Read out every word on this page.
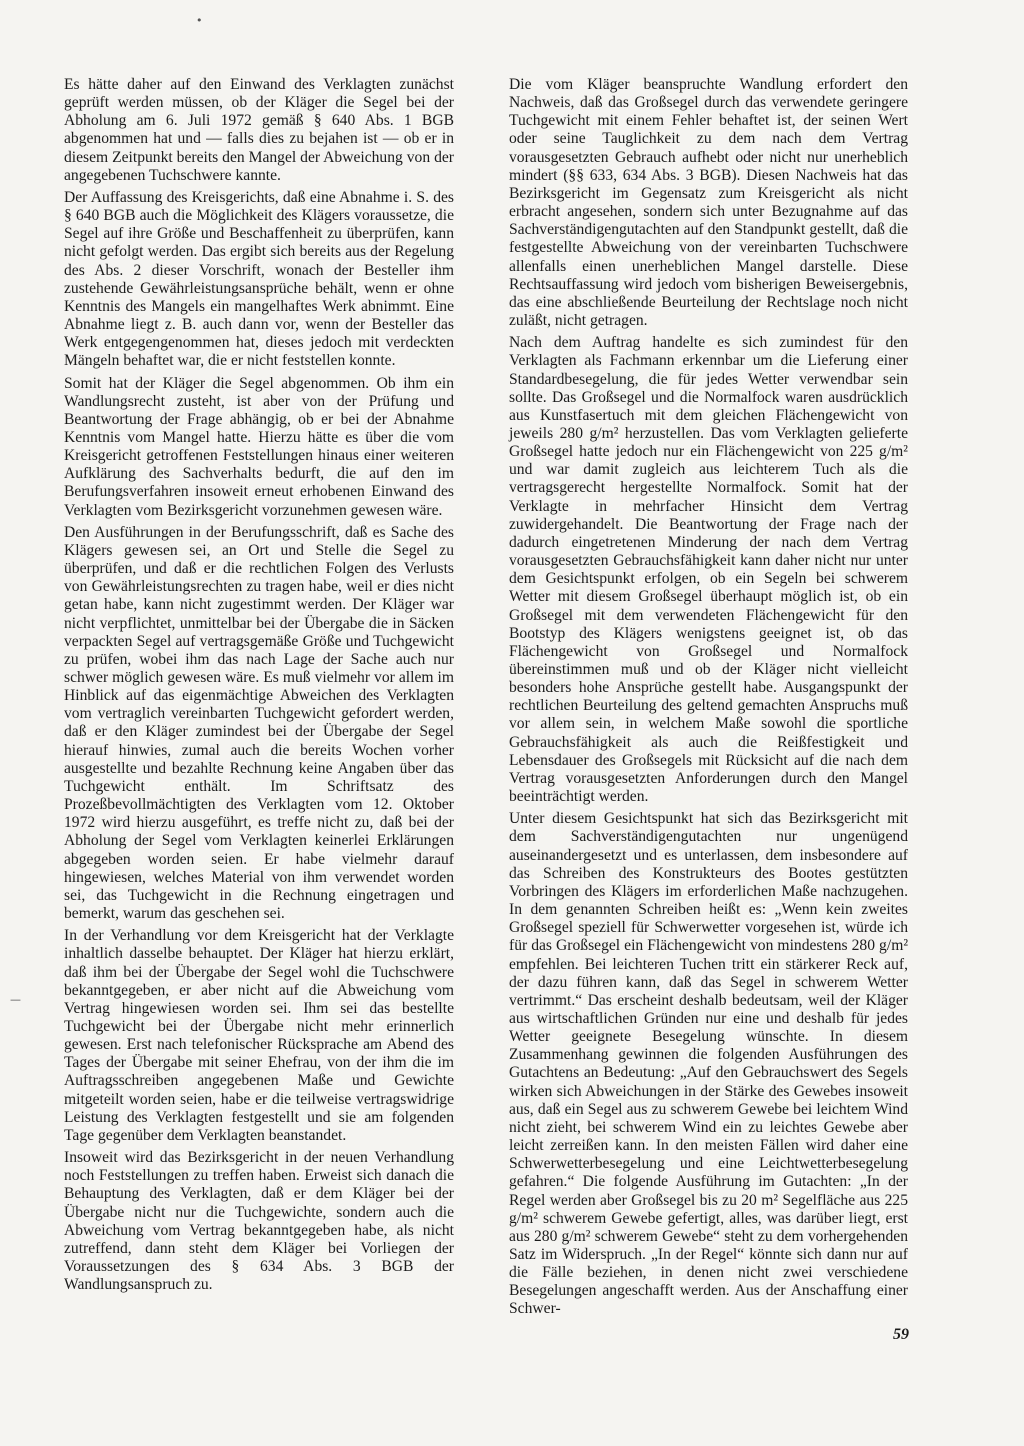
•
—

Es hätte daher auf den Einwand des Verklagten zunächst geprüft werden müssen, ob der Kläger die Segel bei der Abholung am 6. Juli 1972 gemäß § 640 Abs. 1 BGB abgenommen hat und — falls dies zu bejahen ist — ob er in diesem Zeitpunkt bereits den Mangel der Abweichung von der angegebenen Tuchschwere kannte.

Der Auffassung des Kreisgerichts, daß eine Abnahme i. S. des § 640 BGB auch die Möglichkeit des Klägers voraussetze, die Segel auf ihre Größe und Beschaffenheit zu überprüfen, kann nicht gefolgt werden. Das ergibt sich bereits aus der Regelung des Abs. 2 dieser Vorschrift, wonach der Besteller ihm zustehende Gewährleistungsansprüche behält, wenn er ohne Kenntnis des Mangels ein mangelhaftes Werk abnimmt. Eine Abnahme liegt z. B. auch dann vor, wenn der Besteller das Werk entgegengenommen hat, dieses jedoch mit verdeckten Mängeln behaftet war, die er nicht feststellen konnte.

Somit hat der Kläger die Segel abgenommen. Ob ihm ein Wandlungsrecht zusteht, ist aber von der Prüfung und Beantwortung der Frage abhängig, ob er bei der Abnahme Kenntnis vom Mangel hatte. Hierzu hätte es über die vom Kreisgericht getroffenen Feststellungen hinaus einer weiteren Aufklärung des Sachverhalts bedurft, die auf den im Berufungsverfahren insoweit erneut erhobenen Einwand des Verklagten vom Bezirksgericht vorzunehmen gewesen wäre.

Den Ausführungen in der Berufungsschrift, daß es Sache des Klägers gewesen sei, an Ort und Stelle die Segel zu überprüfen, und daß er die rechtlichen Folgen des Verlusts von Gewährleistungsrechten zu tragen habe, weil er dies nicht getan habe, kann nicht zugestimmt werden. Der Kläger war nicht verpflichtet, unmittelbar bei der Übergabe die in Säcken verpackten Segel auf vertragsgemäße Größe und Tuchgewicht zu prüfen, wobei ihm das nach Lage der Sache auch nur schwer möglich gewesen wäre. Es muß vielmehr vor allem im Hinblick auf das eigenmächtige Abweichen des Verklagten vom vertraglich vereinbarten Tuchgewicht gefordert werden, daß er den Kläger zumindest bei der Übergabe der Segel hierauf hinwies, zumal auch die bereits Wochen vorher ausgestellte und bezahlte Rechnung keine Angaben über das Tuchgewicht enthält. Im Schriftsatz des Prozeßbevollmächtigten des Verklagten vom 12. Oktober 1972 wird hierzu ausgeführt, es treffe nicht zu, daß bei der Abholung der Segel vom Verklagten keinerlei Erklärungen abgegeben worden seien. Er habe vielmehr darauf hingewiesen, welches Material von ihm verwendet worden sei, das Tuchgewicht in die Rechnung eingetragen und bemerkt, warum das geschehen sei.

In der Verhandlung vor dem Kreisgericht hat der Verklagte inhaltlich dasselbe behauptet. Der Kläger hat hierzu erklärt, daß ihm bei der Übergabe der Segel wohl die Tuchschwere bekanntgegeben, er aber nicht auf die Abweichung vom Vertrag hingewiesen worden sei. Ihm sei das bestellte Tuchgewicht bei der Übergabe nicht mehr erinnerlich gewesen. Erst nach telefonischer Rücksprache am Abend des Tages der Übergabe mit seiner Ehefrau, von der ihm die im Auftragsschreiben angegebenen Maße und Gewichte mitgeteilt worden seien, habe er die teilweise vertragswidrige Leistung des Verklagten festgestellt und sie am folgenden Tage gegenüber dem Verklagten beanstandet.

Insoweit wird das Bezirksgericht in der neuen Verhandlung noch Feststellungen zu treffen haben. Erweist sich danach die Behauptung des Verklagten, daß er dem Kläger bei der Übergabe nicht nur die Tuchgewichte, sondern auch die Abweichung vom Vertrag bekanntgegeben habe, als nicht zutreffend, dann steht dem Kläger bei Vorliegen der Voraussetzungen des § 634 Abs. 3 BGB der Wandlungsanspruch zu.

Die vom Kläger beanspruchte Wandlung erfordert den Nachweis, daß das Großsegel durch das verwendete geringere Tuchgewicht mit einem Fehler behaftet ist, der seinen Wert oder seine Tauglichkeit zu dem nach dem Vertrag vorausgesetzten Gebrauch aufhebt oder nicht nur unerheblich mindert (§§ 633, 634 Abs. 3 BGB). Diesen Nachweis hat das Bezirksgericht im Gegensatz zum Kreisgericht als nicht erbracht angesehen, sondern sich unter Bezugnahme auf das Sachverständigengutachten auf den Standpunkt gestellt, daß die festgestellte Abweichung von der vereinbarten Tuchschwere allenfalls einen unerheblichen Mangel darstelle. Diese Rechtsauffassung wird jedoch vom bisherigen Beweisergebnis, das eine abschließende Beurteilung der Rechtslage noch nicht zuläßt, nicht getragen.

Nach dem Auftrag handelte es sich zumindest für den Verklagten als Fachmann erkennbar um die Lieferung einer Standardbesegelung, die für jedes Wetter verwendbar sein sollte. Das Großsegel und die Normalfock waren ausdrücklich aus Kunstfasertuch mit dem gleichen Flächengewicht von jeweils 280 g/m² herzustellen. Das vom Verklagten gelieferte Großsegel hatte jedoch nur ein Flächengewicht von 225 g/m² und war damit zugleich aus leichterem Tuch als die vertragsgerecht hergestellte Normalfock. Somit hat der Verklagte in mehrfacher Hinsicht dem Vertrag zuwidergehandelt. Die Beantwortung der Frage nach der dadurch eingetretenen Minderung der nach dem Vertrag vorausgesetzten Gebrauchsfähigkeit kann daher nicht nur unter dem Gesichtspunkt erfolgen, ob ein Segeln bei schwerem Wetter mit diesem Großsegel überhaupt möglich ist, ob ein Großsegel mit dem verwendeten Flächengewicht für den Bootstyp des Klägers wenigstens geeignet ist, ob das Flächengewicht von Großsegel und Normalfock übereinstimmen muß und ob der Kläger nicht vielleicht besonders hohe Ansprüche gestellt habe. Ausgangspunkt der rechtlichen Beurteilung des geltend gemachten Anspruchs muß vor allem sein, in welchem Maße sowohl die sportliche Gebrauchsfähigkeit als auch die Reißfestigkeit und Lebensdauer des Großsegels mit Rücksicht auf die nach dem Vertrag vorausgesetzten Anforderungen durch den Mangel beeinträchtigt werden.

Unter diesem Gesichtspunkt hat sich das Bezirksgericht mit dem Sachverständigengutachten nur ungenügend auseinandergesetzt und es unterlassen, dem insbesondere auf das Schreiben des Konstrukteurs des Bootes gestützten Vorbringen des Klägers im erforderlichen Maße nachzugehen. In dem genannten Schreiben heißt es: „Wenn kein zweites Großsegel speziell für Schwerwetter vorgesehen ist, würde ich für das Großsegel ein Flächengewicht von mindestens 280 g/m² empfehlen. Bei leichteren Tuchen tritt ein stärkerer Reck auf, der dazu führen kann, daß das Segel in schwerem Wetter vertrimmt.“ Das erscheint deshalb bedeutsam, weil der Kläger aus wirtschaftlichen Gründen nur eine und deshalb für jedes Wetter geeignete Besegelung wünschte. In diesem Zusammenhang gewinnen die folgenden Ausführungen des Gutachtens an Bedeutung: „Auf den Gebrauchswert des Segels wirken sich Abweichungen in der Stärke des Gewebes insoweit aus, daß ein Segel aus zu schwerem Gewebe bei leichtem Wind nicht zieht, bei schwerem Wind ein zu leichtes Gewebe aber leicht zerreißen kann. In den meisten Fällen wird daher eine Schwerwetterbesegelung und eine Leichtwetterbesegelung gefahren.“ Die folgende Ausführung im Gutachten: „In der Regel werden aber Großsegel bis zu 20 m² Segelfläche aus 225 g/m² schwerem Gewebe gefertigt, alles, was darüber liegt, erst aus 280 g/m² schwerem Gewebe“ steht zu dem vorhergehenden Satz im Widerspruch. „In der Regel“ könnte sich dann nur auf die Fälle beziehen, in denen nicht zwei verschiedene Besegelungen angeschafft werden. Aus der Anschaffung einer Schwer-

59
